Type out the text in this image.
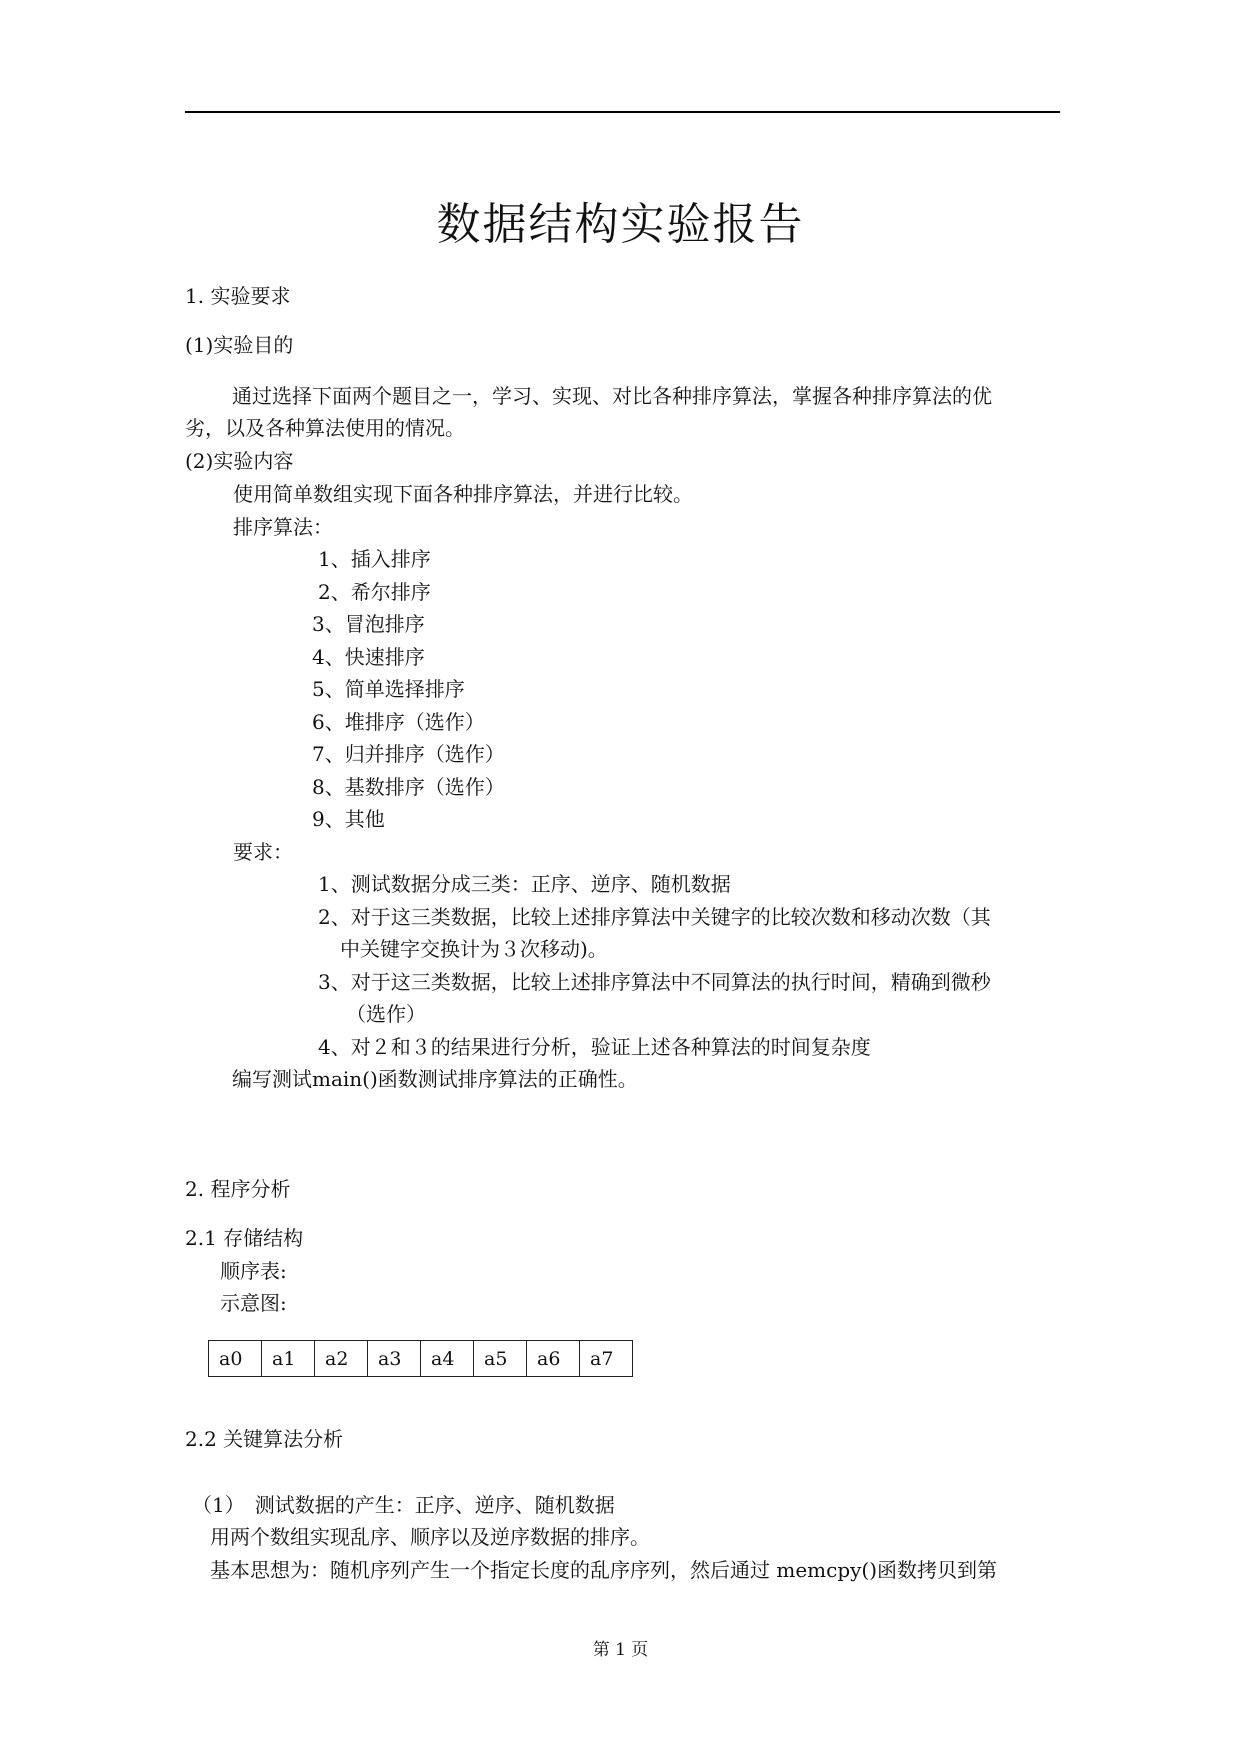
数据结构实验报告
1. 实验要求
(1)实验目的
通过选择下面两个题目之一，学习、实现、对比各种排序算法，掌握各种排序算法的优
劣，以及各种算法使用的情况。
(2)实验内容
使用简单数组实现下面各种排序算法，并进行比较。
排序算法：
1、插入排序
2、希尔排序
3、冒泡排序
4、快速排序
5、简单选择排序
6、堆排序（选作）
7、归并排序（选作）
8、基数排序（选作）
9、其他
要求：
1、测试数据分成三类：正序、逆序、随机数据
2、对于这三类数据，比较上述排序算法中关键字的比较次数和移动次数（其
中关键字交换计为３次移动)。
3、对于这三类数据，比较上述排序算法中不同算法的执行时间，精确到微秒
（选作）
4、对２和３的结果进行分析，验证上述各种算法的时间复杂度
编写测试main()函数测试排序算法的正确性。
2. 程序分析
2.1 存储结构
顺序表:
示意图:
a0	a1	a2	a3	a4	a5	a6	a7
2.2 关键算法分析
（1）　测试数据的产生：正序、逆序、随机数据
用两个数组实现乱序、顺序以及逆序数据的排序。
基本思想为：随机序列产生一个指定长度的乱序序列，然后通过 memcpy()函数拷贝到第
第 1 页
